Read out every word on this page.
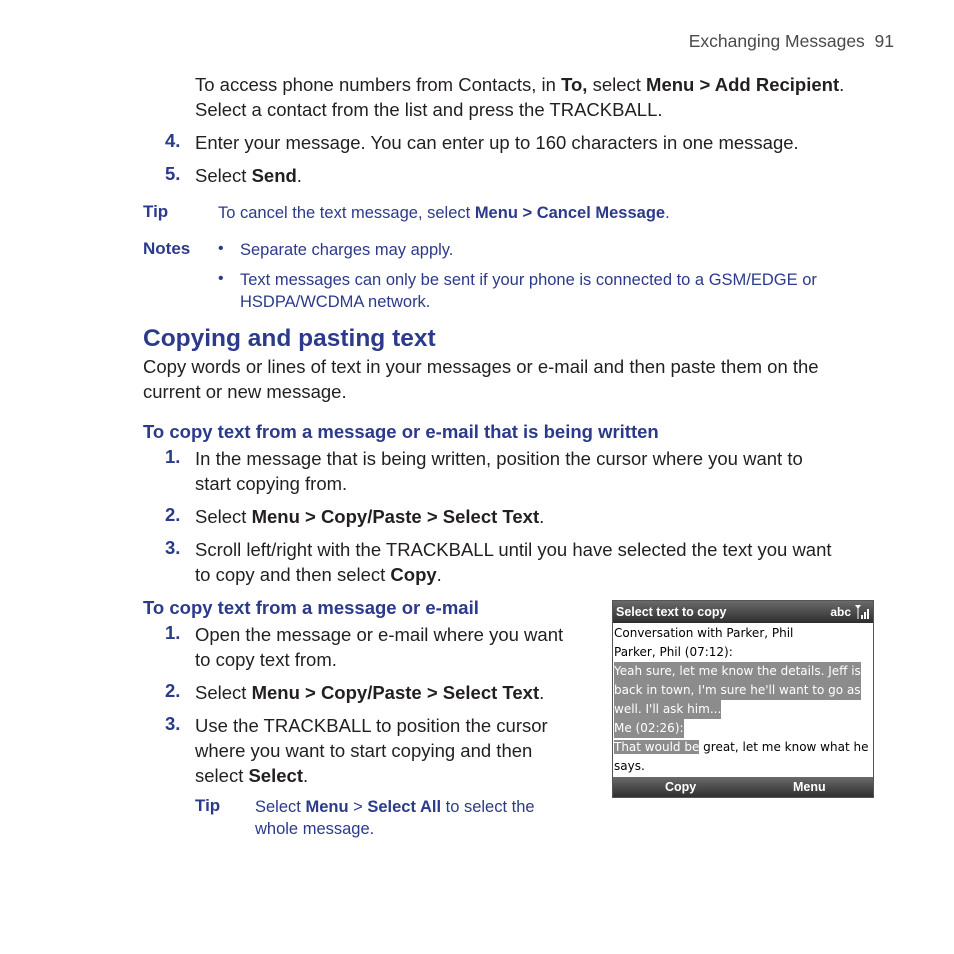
Exchanging Messages 91
To access phone numbers from Contacts, in To, select Menu > Add Recipient.
Select a contact from the list and press the TRACKBALL.
4. Enter your message. You can enter up to 160 characters in one message.
5. Select Send.
Tip	To cancel the text message, select Menu > Cancel Message.
Notes • Separate charges may apply.
• Text messages can only be sent if your phone is connected to a GSM/EDGE or
HSDPA/WCDMA network.
Copying and pasting text
Copy words or lines of text in your messages or e-mail and then paste them on the
current or new message.
To copy text from a message or e-mail that is being written
1. In the message that is being written, position the cursor where you want to
start copying from.
2. Select Menu > Copy/Paste > Select Text.
3. Scroll left/right with the TRACKBALL until you have selected the text you want
to copy and then select Copy.
To copy text from a message or e-mail
1. Open the message or e-mail where you want
to copy text from.
2. Select Menu > Copy/Paste > Select Text.
3. Use the TRACKBALL to position the cursor
where you want to start copying and then
select Select.
Tip Select Menu > Select All to select the
whole message.
Select text to copy	abc
Conversation with Parker, Phil
Parker, Phil (07:12):
Yeah sure, let me know the details. Jeff is
back in town, I'm sure he'll want to go as
well. I'll ask him...
Me (02:26):
That would be great, let me know what he
says.
Copy	Menu
